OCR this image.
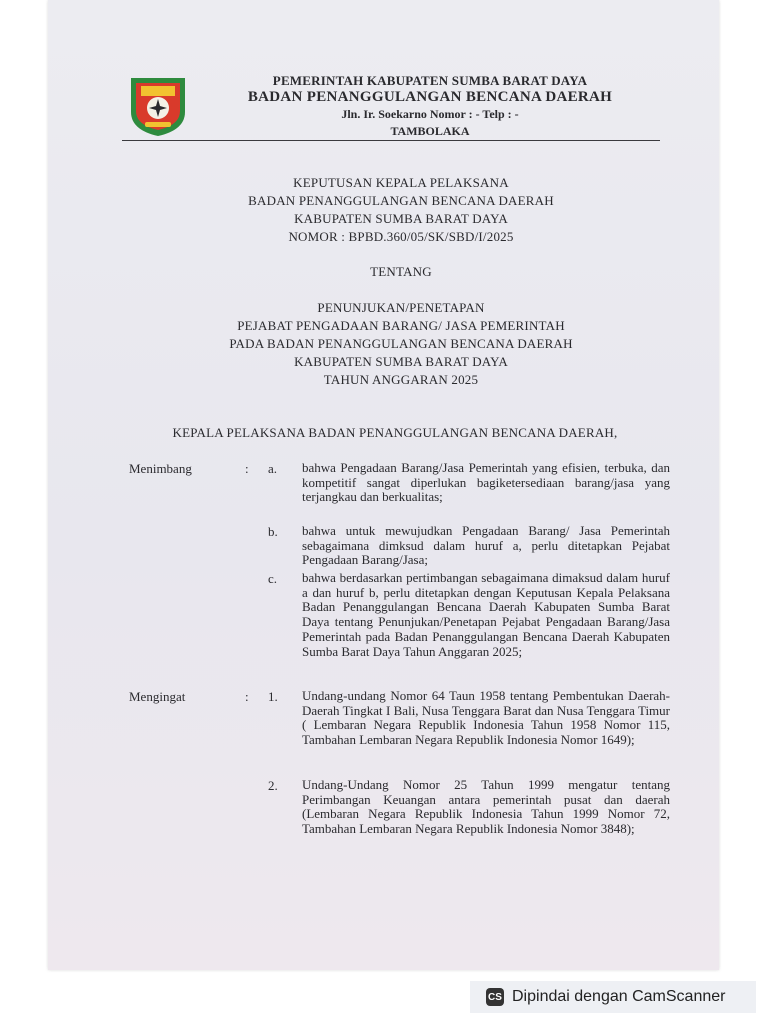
PEMERINTAH KABUPATEN SUMBA BARAT DAYA
BADAN PENANGGULANGAN BENCANA DAERAH
Jln. Ir. Soekarno Nomor : - Telp : -
TAMBOLAKA
KEPUTUSAN KEPALA PELAKSANA
BADAN PENANGGULANGAN BENCANA DAERAH
KABUPATEN SUMBA BARAT DAYA
NOMOR : BPBD.360/05/SK/SBD/I/2025
TENTANG
PENUNJUKAN/PENETAPAN
PEJABAT PENGADAAN BARANG/ JASA PEMERINTAH
PADA BADAN PENANGGULANGAN BENCANA DAERAH
KABUPATEN SUMBA BARAT DAYA
TAHUN ANGGARAN 2025
KEPALA PELAKSANA BADAN PENANGGULANGAN BENCANA DAERAH,
Menimbang	: a. bahwa Pengadaan Barang/Jasa Pemerintah yang efisien, terbuka, dan kompetitif sangat diperlukan bagiketersediaan barang/jasa yang terjangkau dan berkualitas;
b. bahwa untuk mewujudkan Pengadaan Barang/ Jasa Pemerintah sebagaimana dimksud dalam huruf a, perlu ditetapkan Pejabat Pengadaan Barang/Jasa;
c. bahwa berdasarkan pertimbangan sebagaimana dimaksud dalam huruf a dan huruf b, perlu ditetapkan dengan Keputusan Kepala Pelaksana Badan Penanggulangan Bencana Daerah Kabupaten Sumba Barat Daya tentang Penunjukan/Penetapan Pejabat Pengadaan Barang/Jasa Pemerintah pada Badan Penanggulangan Bencana Daerah Kabupaten Sumba Barat Daya Tahun Anggaran 2025;
Mengingat	: 1. Undang-undang Nomor 64 Taun 1958 tentang Pembentukan Daerah-Daerah Tingkat I Bali, Nusa Tenggara Barat dan Nusa Tenggara Timur ( Lembaran Negara Republik Indonesia Tahun 1958 Nomor 115, Tambahan Lembaran Negara Republik Indonesia Nomor 1649);
2. Undang-Undang Nomor 25 Tahun 1999 mengatur tentang Perimbangan Keuangan antara pemerintah pusat dan daerah (Lembaran Negara Republik Indonesia Tahun 1999 Nomor 72, Tambahan Lembaran Negara Republik Indonesia Nomor 3848);
CS Dipindai dengan CamScanner
